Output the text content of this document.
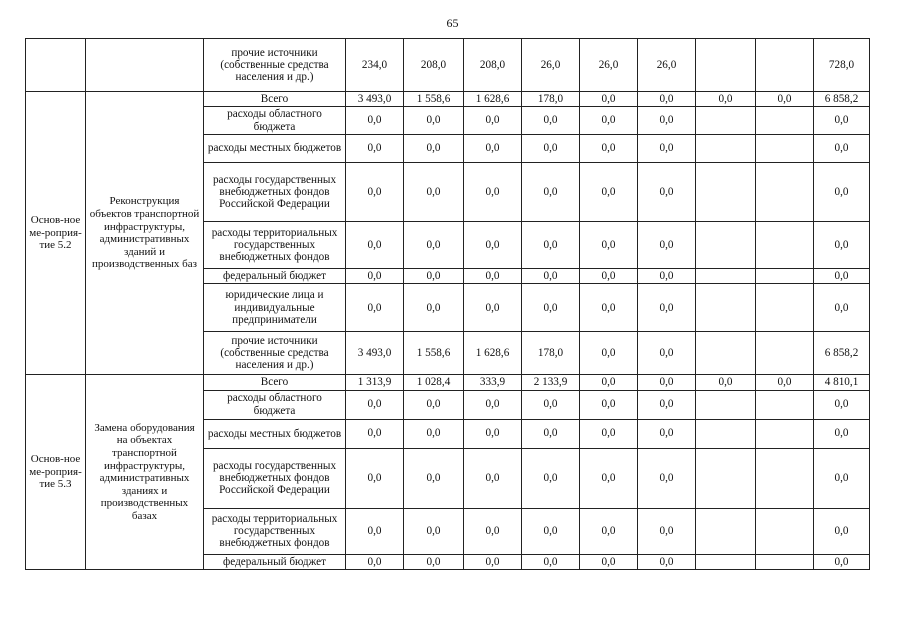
65
		прочие источники (собственные средства населения и др.)	234,0	208,0	208,0	26,0	26,0	26,0			728,0
Основ-ное ме-роприя-тие 5.2	Реконструкция объектов транспортной инфраструктуры, административных зданий и производственных баз	Всего	3 493,0	1 558,6	1 628,6	178,0	0,0	0,0	0,0	0,0	6 858,2
		расходы областного бюджета	0,0	0,0	0,0	0,0	0,0	0,0			0,0
		расходы местных бюджетов	0,0	0,0	0,0	0,0	0,0	0,0			0,0
		расходы государственных внебюджетных фондов Российской Федерации	0,0	0,0	0,0	0,0	0,0	0,0			0,0
		расходы территориальных государственных внебюджетных фондов	0,0	0,0	0,0	0,0	0,0	0,0			0,0
		федеральный бюджет	0,0	0,0	0,0	0,0	0,0	0,0			0,0
		юридические лица и индивидуальные предприниматели	0,0	0,0	0,0	0,0	0,0	0,0			0,0
		прочие источники (собственные средства населения и др.)	3 493,0	1 558,6	1 628,6	178,0	0,0	0,0			6 858,2
Основ-ное ме-роприя-тие 5.3	Замена оборудования на объектах транспортной инфраструктуры, административных зданиях и производственных базах	Всего	1 313,9	1 028,4	333,9	2 133,9	0,0	0,0	0,0	0,0	4 810,1
		расходы областного бюджета	0,0	0,0	0,0	0,0	0,0	0,0			0,0
		расходы местных бюджетов	0,0	0,0	0,0	0,0	0,0	0,0			0,0
		расходы государственных внебюджетных фондов Российской Федерации	0,0	0,0	0,0	0,0	0,0	0,0			0,0
		расходы территориальных государственных внебюджетных фондов	0,0	0,0	0,0	0,0	0,0	0,0			0,0
		федеральный бюджет	0,0	0,0	0,0	0,0	0,0	0,0			0,0
